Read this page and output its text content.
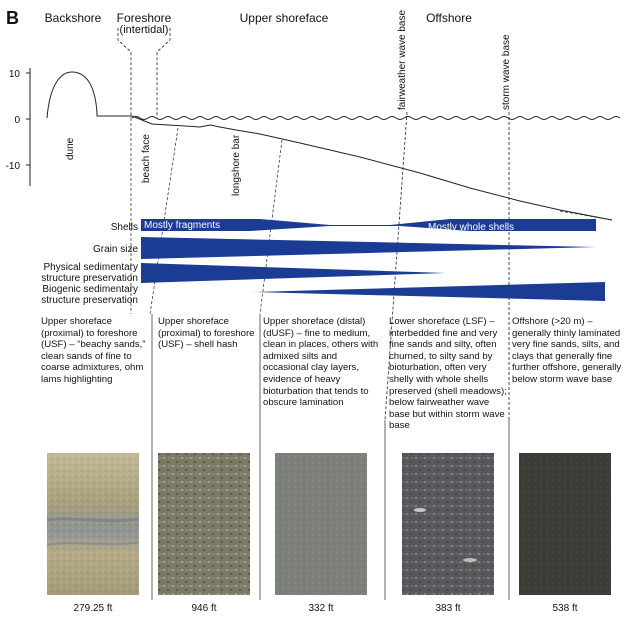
B Backshore Foreshore
(intertidal)
Upper shoreface	Offshore
10
0
-10
dune	beach face	longshore bar
fairweather wave base	storm wave base
Shells
Grain size
Physical sedimentary
structure preservation
Biogenic sedimentary
structure preservation
Mostly fragments	Mostly whole shells
279.25 ft	946 ft	332 ft	383 ft	538 ft
Upper shoreface (proximal) to foreshore (USF) – “beachy sands,” clean sands of fine to coarse admixtures, ohm lams highlighting
Upper shoreface (proximal) to foreshore (USF) – shell hash
Upper shoreface (distal) (dUSF) – fine to medium, clean in places, others with admixed silts and occasional clay layers, evidence of heavy bioturbation that tends to obscure lamination
Lower shoreface (LSF) – interbedded fine and very fine sands and silty, often churned, to silty sand by bioturbation, often very shelly with whole shells preserved (shell meadows); below fairweather wave base but within storm wave base
Offshore (>20 m) – generally thinly laminated very fine sands, silts, and clays that generally fine further offshore, generally below storm wave base
